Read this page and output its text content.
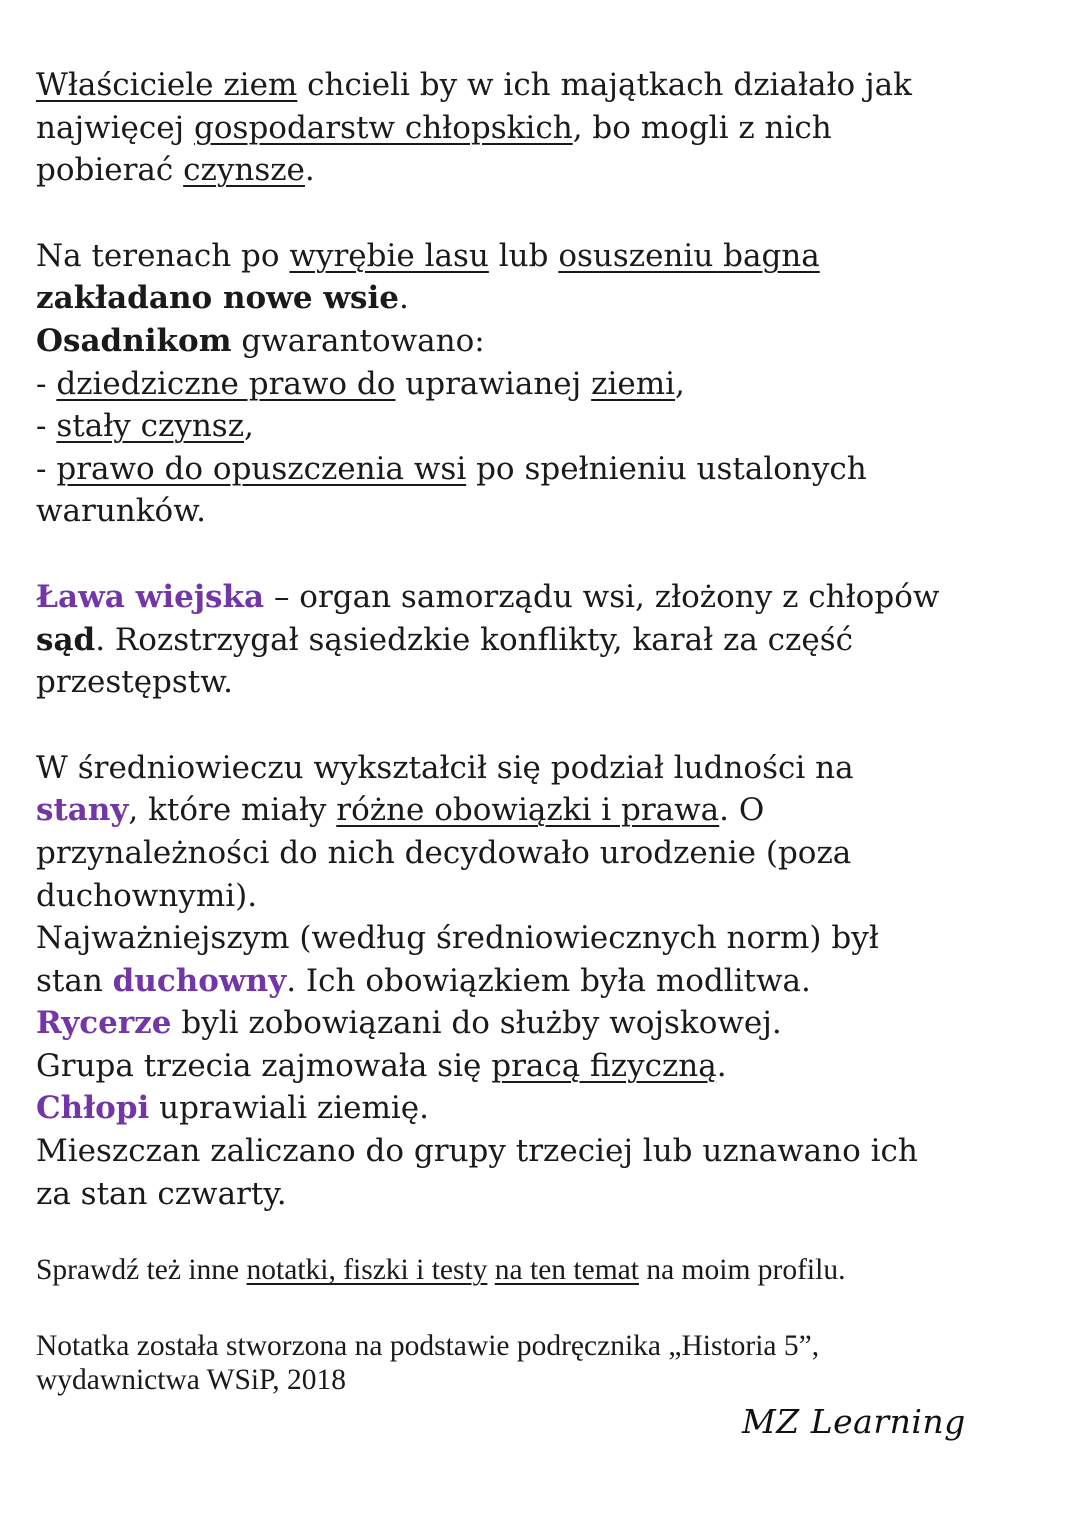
Właściciele ziem chcieli by w ich majątkach działało jak

najwięcej gospodarstw chłopskich, bo mogli z nich

pobierać czynsze.

Na terenach po wyrębie lasu lub osuszeniu bagna

zakładano nowe wsie.

Osadnikom gwarantowano:

- dziedziczne prawo do uprawianej ziemi,

- stały czynsz,

- prawo do opuszczenia wsi po spełnieniu ustalonych

warunków.

Ława wiejska – organ samorządu wsi, złożony z chłopów

sąd. Rozstrzygał sąsiedzkie konflikty, karał za część

przestępstw.

W średniowieczu wykształcił się podział ludności na

stany, które miały różne obowiązki i prawa. O

przynależności do nich decydowało urodzenie (poza

duchownymi).

Najważniejszym (według średniowiecznych norm) był

stan duchowny. Ich obowiązkiem była modlitwa.

Rycerze byli zobowiązani do służby wojskowej.

Grupa trzecia zajmowała się pracą fizyczną.

Chłopi uprawiali ziemię.

Mieszczan zaliczano do grupy trzeciej lub uznawano ich

za stan czwarty.

Sprawdź też inne notatki, fiszki i testy na ten temat na moim profilu.

Notatka została stworzona na podstawie podręcznika „Historia 5”,

wydawnictwa WSiP, 2018

MZ Learning
